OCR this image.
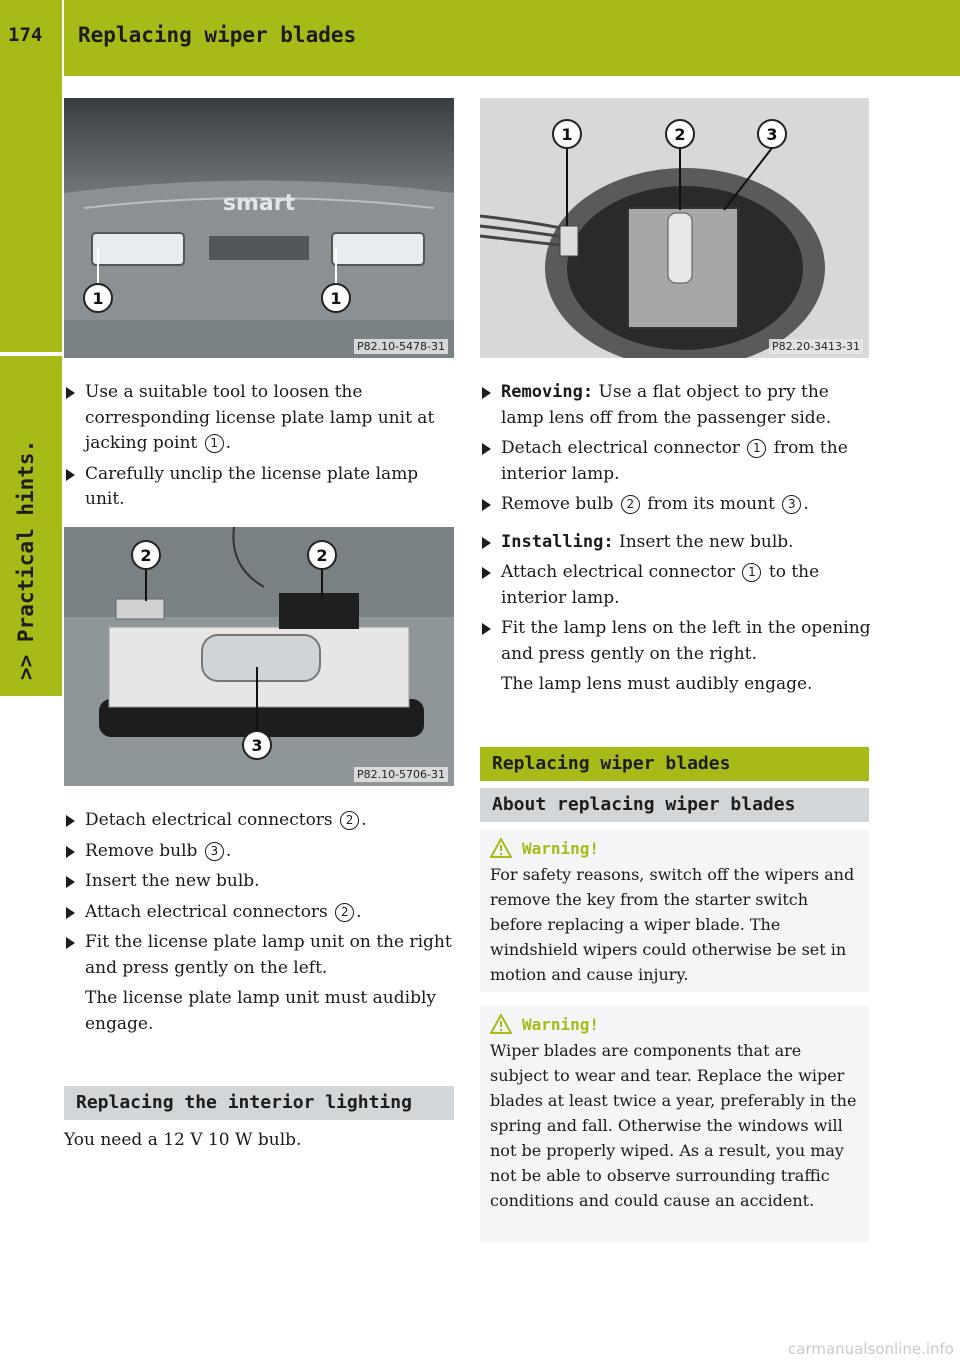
174	Replacing wiper blades
>> Practical hints.
smart
1	1
P82.10-5478-31
1	2	3
P82.20-3413-31
Use a suitable tool to loosen the corresponding license plate lamp unit at jacking point 1 .
Carefully unclip the license plate lamp unit.
2	2
3
P82.10-5706-31
Detach electrical connectors 2 .
Remove bulb 3 .
Insert the new bulb.
Attach electrical connectors 2 .
Fit the license plate lamp unit on the right and press gently on the left.
The license plate lamp unit must audibly engage.
Replacing the interior lighting
You need a 12 V 10 W bulb.
Removing: Use a flat object to pry the lamp lens off from the passenger side.
Detach electrical connector 1 from the interior lamp.
Remove bulb 2 from its mount 3 .
Installing: Insert the new bulb.
Attach electrical connector 1 to the interior lamp.
Fit the lamp lens on the left in the opening and press gently on the right.
The lamp lens must audibly engage.
Replacing wiper blades
About replacing wiper blades
Warning!
For safety reasons, switch off the wipers and remove the key from the starter switch before replacing a wiper blade. The windshield wipers could otherwise be set in motion and cause injury.
Warning!
Wiper blades are components that are subject to wear and tear. Replace the wiper blades at least twice a year, preferably in the spring and fall. Otherwise the windows will not be properly wiped. As a result, you may not be able to observe surrounding traffic conditions and could cause an accident.
carmanualsonline.info
